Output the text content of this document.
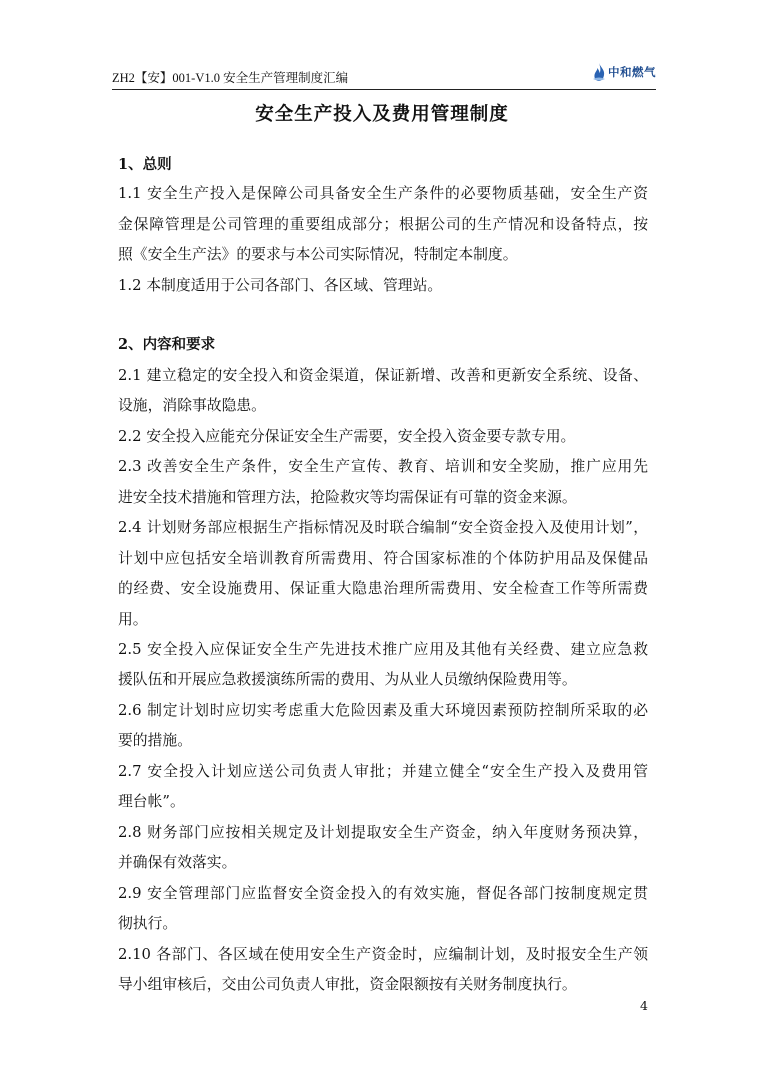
ZH2【安】001-V1.0 安全生产管理制度汇编	中和燃气
安全生产投入及费用管理制度
1、总则
1.1 安全生产投入是保障公司具备安全生产条件的必要物质基础，安全生产资
金保障管理是公司管理的重要组成部分；根据公司的生产情况和设备特点，按
照《安全生产法》的要求与本公司实际情况，特制定本制度。
1.2 本制度适用于公司各部门、各区域、管理站。
2、内容和要求
2.1 建立稳定的安全投入和资金渠道，保证新增、改善和更新安全系统、设备、
设施，消除事故隐患。
2.2 安全投入应能充分保证安全生产需要，安全投入资金要专款专用。
2.3 改善安全生产条件，安全生产宣传、教育、培训和安全奖励，推广应用先
进安全技术措施和管理方法，抢险救灾等均需保证有可靠的资金来源。
2.4 计划财务部应根据生产指标情况及时联合编制“安全资金投入及使用计划”，
计划中应包括安全培训教育所需费用、符合国家标准的个体防护用品及保健品
的经费、安全设施费用、保证重大隐患治理所需费用、安全检查工作等所需费
用。
2.5 安全投入应保证安全生产先进技术推广应用及其他有关经费、建立应急救
援队伍和开展应急救援演练所需的费用、为从业人员缴纳保险费用等。
2.6 制定计划时应切实考虑重大危险因素及重大环境因素预防控制所采取的必
要的措施。
2.7 安全投入计划应送公司负责人审批；并建立健全“安全生产投入及费用管
理台帐”。
2.8 财务部门应按相关规定及计划提取安全生产资金，纳入年度财务预决算，
并确保有效落实。
2.9 安全管理部门应监督安全资金投入的有效实施，督促各部门按制度规定贯
彻执行。
2.10 各部门、各区域在使用安全生产资金时，应编制计划，及时报安全生产领
导小组审核后，交由公司负责人审批，资金限额按有关财务制度执行。
4
